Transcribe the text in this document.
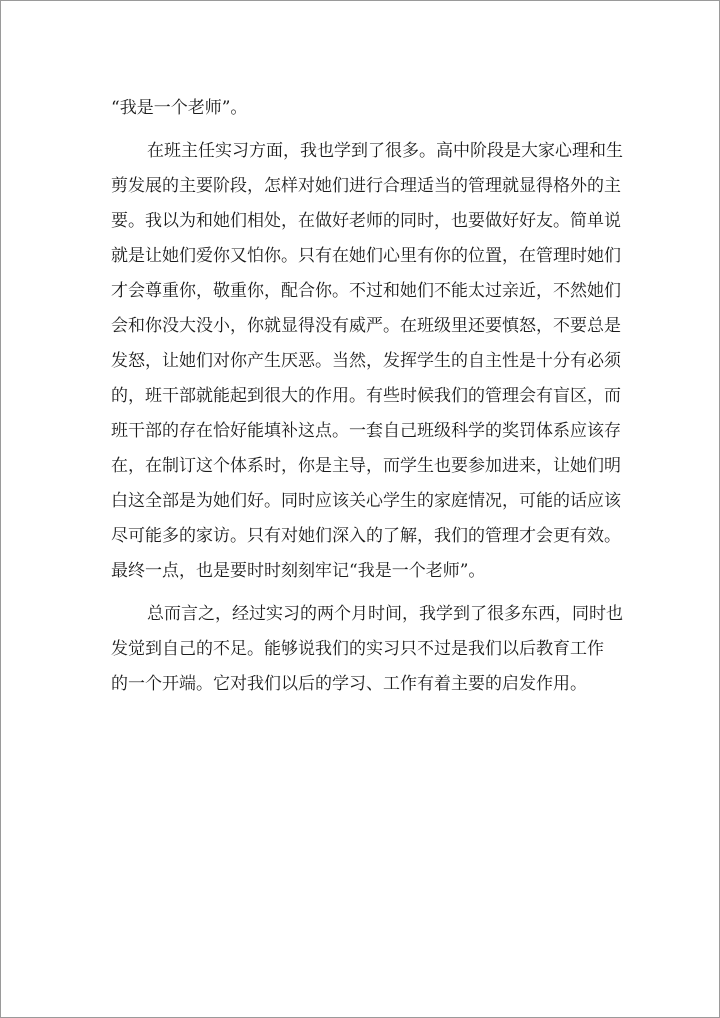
“我是一个老师”。
在班主任实习方面，我也学到了很多。高中阶段是大家心理和生
剪发展的主要阶段，怎样对她们进行合理适当的管理就显得格外的主
要。我以为和她们相处，在做好老师的同时，也要做好好友。简单说
就是让她们爱你又怕你。只有在她们心里有你的位置，在管理时她们
才会尊重你，敬重你，配合你。不过和她们不能太过亲近，不然她们
会和你没大没小，你就显得没有威严。在班级里还要慎怒，不要总是
发怒，让她们对你产生厌恶。当然，发挥学生的自主性是十分有必须
的，班干部就能起到很大的作用。有些时候我们的管理会有盲区，而
班干部的存在恰好能填补这点。一套自己班级科学的奖罚体系应该存
在，在制订这个体系时，你是主导，而学生也要参加进来，让她们明
白这全部是为她们好。同时应该关心学生的家庭情况，可能的话应该
尽可能多的家访。只有对她们深入的了解，我们的管理才会更有效。
最终一点，也是要时时刻刻牢记“我是一个老师”。
总而言之，经过实习的两个月时间，我学到了很多东西，同时也
发觉到自己的不足。能够说我们的实习只不过是我们以后教育工作
的一个开端。它对我们以后的学习、工作有着主要的启发作用。
